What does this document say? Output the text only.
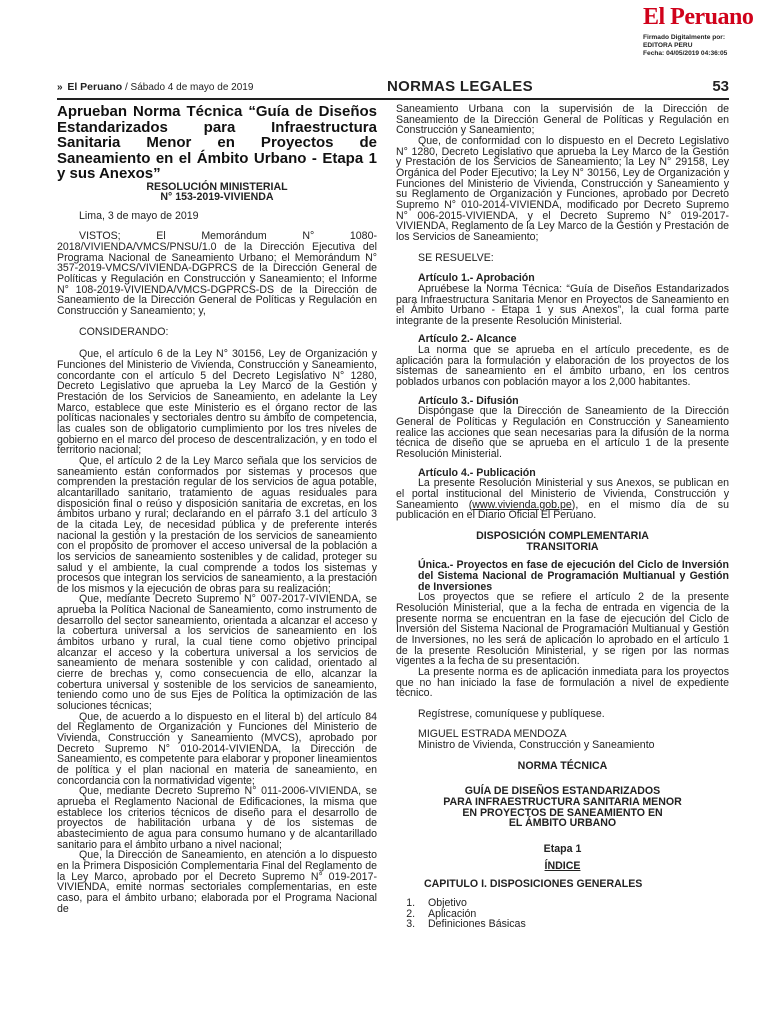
El Peruano
Firmado Digitalmente por:
EDITORA PERU
Fecha: 04/05/2019 04:36:05
» El Peruano / Sábado 4 de mayo de 2019	NORMAS LEGALES	53

Aprueban Norma Técnica “Guía de Diseños Estandarizados para Infraestructura Sanitaria Menor en Proyectos de Saneamiento en el Ámbito Urbano - Etapa 1 y sus Anexos”

RESOLUCIÓN MINISTERIAL

N° 153-2019-VIVIENDA

Lima, 3 de mayo de 2019

VISTOS; El Memorándum N° 1080-2018/VIVIENDA/VMCS/PNSU/1.0 de la Dirección Ejecutiva del Programa Nacional de Saneamiento Urbano; el Memorándum N° 357-2019-VMCS/VIVIENDA-DGPRCS de la Dirección General de Políticas y Regulación en Construcción y Saneamiento; el Informe N° 108-2019-VIVIENDA/VMCS-DGPRCS-DS de la Dirección de Saneamiento de la Dirección General de Políticas y Regulación en Construcción y Saneamiento; y,

CONSIDERANDO:

Que, el artículo 6 de la Ley N° 30156, Ley de Organización y Funciones del Ministerio de Vivienda, Construcción y Saneamiento, concordante con el artículo 5 del Decreto Legislativo N° 1280, Decreto Legislativo que aprueba la Ley Marco de la Gestión y Prestación de los Servicios de Saneamiento, en adelante la Ley Marco, establece que este Ministerio es el órgano rector de las políticas nacionales y sectoriales dentro su ámbito de competencia, las cuales son de obligatorio cumplimiento por los tres niveles de gobierno en el marco del proceso de descentralización, y en todo el territorio nacional;

Que, el artículo 2 de la Ley Marco señala que los servicios de saneamiento están conformados por sistemas y procesos que comprenden la prestación regular de los servicios de agua potable, alcantarillado sanitario, tratamiento de aguas residuales para disposición final o reúso y disposición sanitaria de excretas, en los ámbitos urbano y rural; declarando en el párrafo 3.1 del artículo 3 de la citada Ley, de necesidad pública y de preferente interés nacional la gestión y la prestación de los servicios de saneamiento con el propósito de promover el acceso universal de la población a los servicios de saneamiento sostenibles y de calidad, proteger su salud y el ambiente, la cual comprende a todos los sistemas y procesos que integran los servicios de saneamiento, a la prestación de los mismos y la ejecución de obras para su realización;

Que, mediante Decreto Supremo N° 007-2017-VIVIENDA, se aprueba la Política Nacional de Saneamiento, como instrumento de desarrollo del sector saneamiento, orientada a alcanzar el acceso y la cobertura universal a los servicios de saneamiento en los ámbitos urbano y rural, la cual tiene como objetivo principal alcanzar el acceso y la cobertura universal a los servicios de saneamiento de menara sostenible y con calidad, orientado al cierre de brechas y, como consecuencia de ello, alcanzar la cobertura universal y sostenible de los servicios de saneamiento, teniendo como uno de sus Ejes de Política la optimización de las soluciones técnicas;

Que, de acuerdo a lo dispuesto en el literal b) del artículo 84 del Reglamento de Organización y Funciones del Ministerio de Vivienda, Construcción y Saneamiento (MVCS), aprobado por Decreto Supremo N° 010-2014-VIVIENDA, la Dirección de Saneamiento, es competente para elaborar y proponer lineamientos de política y el plan nacional en materia de saneamiento, en concordancia con la normatividad vigente;

Que, mediante Decreto Supremo N° 011-2006-VIVIENDA, se aprueba el Reglamento Nacional de Edificaciones, la misma que establece los criterios técnicos de diseño para el desarrollo de proyectos de habilitación urbana y de los sistemas de abastecimiento de agua para consumo humano y de alcantarillado sanitario para el ámbito urbano a nivel nacional;

Que, la Dirección de Saneamiento, en atención a lo dispuesto en la Primera Disposición Complementaria Final del Reglamento de la Ley Marco, aprobado por el Decreto Supremo N° 019-2017-VIVIENDA, emite normas sectoriales complementarias, en este caso, para el ámbito urbano; elaborada por el Programa Nacional de

Saneamiento Urbana con la supervisión de la Dirección de Saneamiento de la Dirección General de Políticas y Regulación en Construcción y Saneamiento;

Que, de conformidad con lo dispuesto en el Decreto Legislativo N° 1280, Decreto Legislativo que aprueba la Ley Marco de la Gestión y Prestación de los Servicios de Saneamiento; la Ley N° 29158, Ley Orgánica del Poder Ejecutivo; la Ley N° 30156, Ley de Organización y Funciones del Ministerio de Vivienda, Construcción y Saneamiento y su Reglamento de Organización y Funciones, aprobado por Decreto Supremo N° 010-2014-VIVIENDA, modificado por Decreto Supremo N° 006-2015-VIVIENDA, y el Decreto Supremo N° 019-2017-VIVIENDA, Reglamento de la Ley Marco de la Gestión y Prestación de los Servicios de Saneamiento;

SE RESUELVE:

Artículo 1.- Aprobación

Apruébese la Norma Técnica: “Guía de Diseños Estandarizados para Infraestructura Sanitaria Menor en Proyectos de Saneamiento en el Ámbito Urbano - Etapa 1 y sus Anexos”, la cual forma parte integrante de la presente Resolución Ministerial.

Artículo 2.- Alcance

La norma que se aprueba en el artículo precedente, es de aplicación para la formulación y elaboración de los proyectos de los sistemas de saneamiento en el ámbito urbano, en los centros poblados urbanos con población mayor a los 2,000 habitantes.

Artículo 3.- Difusión

Dispóngase que la Dirección de Saneamiento de la Dirección General de Políticas y Regulación en Construcción y Saneamiento realice las acciones que sean necesarias para la difusión de la norma técnica de diseño que se aprueba en el artículo 1 de la presente Resolución Ministerial.

Artículo 4.- Publicación

La presente Resolución Ministerial y sus Anexos, se publican en el portal institucional del Ministerio de Vivienda, Construcción y Saneamiento (www.vivienda.gob.pe), en el mismo día de su publicación en el Diario Oficial El Peruano.

DISPOSICIÓN COMPLEMENTARIA

TRANSITORIA

Única.- Proyectos en fase de ejecución del Ciclo de Inversión del Sistema Nacional de Programación Multianual y Gestión de Inversiones

Los proyectos que se refiere el artículo 2 de la presente Resolución Ministerial, que a la fecha de entrada en vigencia de la presente norma se encuentran en la fase de ejecución del Ciclo de Inversión del Sistema Nacional de Programación Multianual y Gestión de Inversiones, no les será de aplicación lo aprobado en el artículo 1 de la presente Resolución Ministerial, y se rigen por las normas vigentes a la fecha de su presentación.

La presente norma es de aplicación inmediata para los proyectos que no han iniciado la fase de formulación a nivel de expediente técnico.

Regístrese, comuníquese y publíquese.

MIGUEL ESTRADA MENDOZA

Ministro de Vivienda, Construcción y Saneamiento

NORMA TÉCNICA

GUÍA DE DISEÑOS ESTANDARIZADOS

PARA INFRAESTRUCTURA SANITARIA MENOR

EN PROYECTOS DE SANEAMIENTO EN

EL ÁMBITO URBANO

Etapa 1

ÍNDICE

CAPITULO I. DISPOSICIONES GENERALES

1. Objetivo
2. Aplicación
3. Definiciones Básicas
